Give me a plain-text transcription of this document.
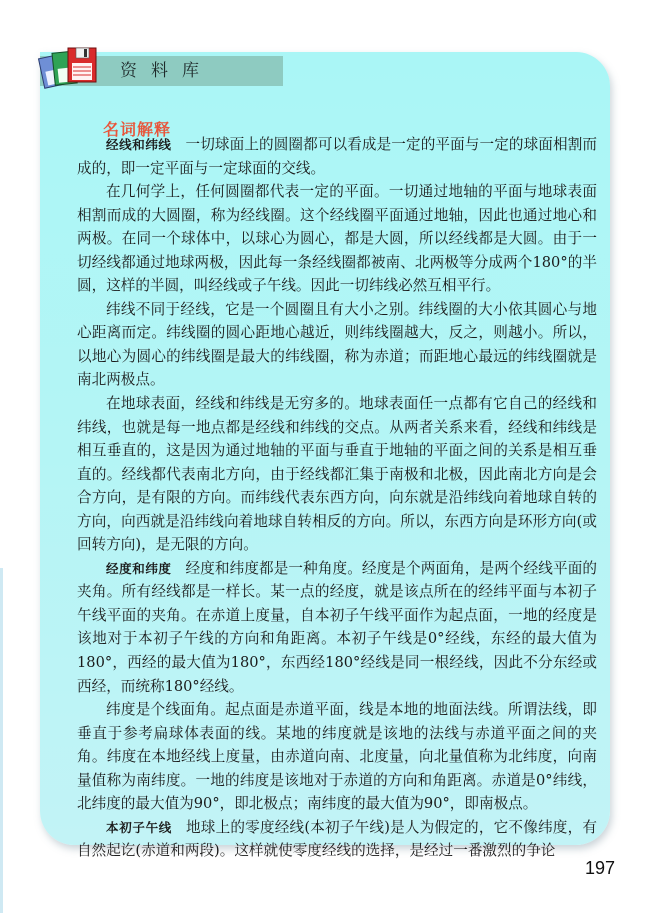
资料库
名词解释

经线和纬线 一切球面上的圆圈都可以看成是一定的平面与一定的球面相割而成的，即一定平面与一定球面的交线。

在几何学上，任何圆圈都代表一定的平面。一切通过地轴的平面与地球表面相割而成的大圆圈，称为经线圈。这个经线圈平面通过地轴，因此也通过地心和两极。在同一个球体中，以球心为圆心，都是大圆，所以经线都是大圆。由于一切经线都通过地球两极，因此每一条经线圈都被南、北两极等分成两个180°的半圆，这样的半圆，叫经线或子午线。因此一切纬线必然互相平行。

纬线不同于经线，它是一个圆圈且有大小之别。纬线圈的大小依其圆心与地心距离而定。纬线圈的圆心距地心越近，则纬线圈越大，反之，则越小。所以，以地心为圆心的纬线圈是最大的纬线圈，称为赤道；而距地心最远的纬线圈就是南北两极点。

在地球表面，经线和纬线是无穷多的。地球表面任一点都有它自己的经线和纬线，也就是每一地点都是经线和纬线的交点。从两者关系来看，经线和纬线是相互垂直的，这是因为通过地轴的平面与垂直于地轴的平面之间的关系是相互垂直的。经线都代表南北方向，由于经线都汇集于南极和北极，因此南北方向是会合方向，是有限的方向。而纬线代表东西方向，向东就是沿纬线向着地球自转的方向，向西就是沿纬线向着地球自转相反的方向。所以，东西方向是环形方向(或回转方向)，是无限的方向。

经度和纬度 经度和纬度都是一种角度。经度是个两面角，是两个经线平面的夹角。所有经线都是一样长。某一点的经度，就是该点所在的经纬平面与本初子午线平面的夹角。在赤道上度量，自本初子午线平面作为起点面，一地的经度是该地对于本初子午线的方向和角距离。本初子午线是0°经线，东经的最大值为180°，西经的最大值为180°，东西经180°经线是同一根经线，因此不分东经或西经，而统称180°经线。

纬度是个线面角。起点面是赤道平面，线是本地的地面法线。所谓法线，即垂直于参考扁球体表面的线。某地的纬度就是该地的法线与赤道平面之间的夹角。纬度在本地经线上度量，由赤道向南、北度量，向北量值称为北纬度，向南量值称为南纬度。一地的纬度是该地对于赤道的方向和角距离。赤道是0°纬线，北纬度的最大值为90°，即北极点；南纬度的最大值为90°，即南极点。

本初子午线 地球上的零度经线(本初子午线)是人为假定的，它不像纬度，有自然起讫(赤道和两段)。这样就使零度经线的选择，是经过一番激烈的争论

197
